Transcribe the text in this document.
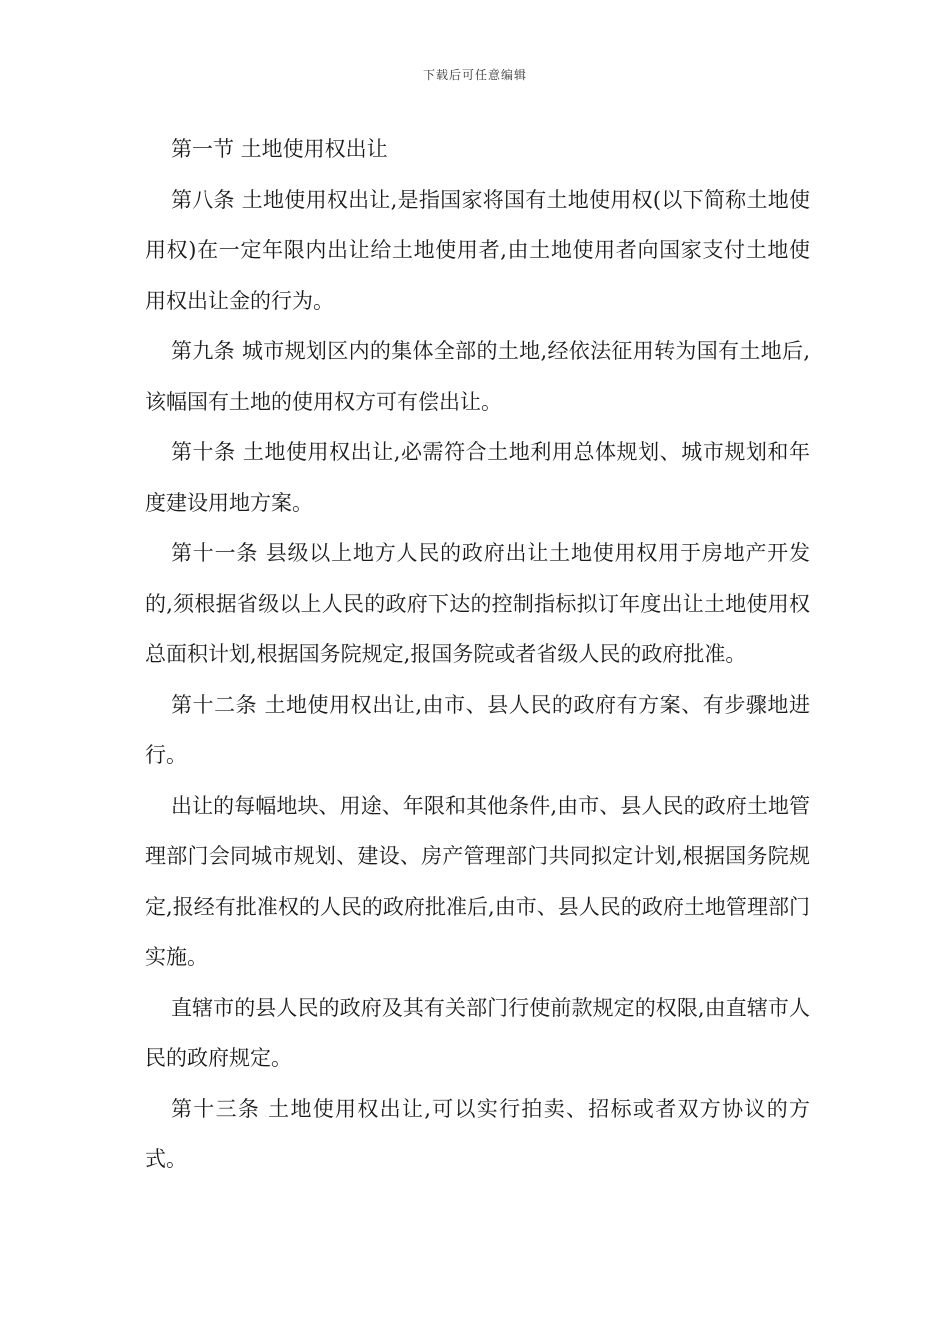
下载后可任意编辑

第一节 土地使用权出让

第八条 土地使用权出让,是指国家将国有土地使用权(以下简称土地使用权)在一定年限内出让给土地使用者,由土地使用者向国家支付土地使用权出让金的行为。

第九条 城市规划区内的集体全部的土地,经依法征用转为国有土地后,该幅国有土地的使用权方可有偿出让。

第十条 土地使用权出让,必需符合土地利用总体规划、城市规划和年度建设用地方案。

第十一条 县级以上地方人民的政府出让土地使用权用于房地产开发的,须根据省级以上人民的政府下达的控制指标拟订年度出让土地使用权总面积计划,根据国务院规定,报国务院或者省级人民的政府批准。

第十二条 土地使用权出让,由市、县人民的政府有方案、有步骤地进行。

出让的每幅地块、用途、年限和其他条件,由市、县人民的政府土地管理部门会同城市规划、建设、房产管理部门共同拟定计划,根据国务院规定,报经有批准权的人民的政府批准后,由市、县人民的政府土地管理部门实施。

直辖市的县人民的政府及其有关部门行使前款规定的权限,由直辖市人民的政府规定。

第十三条 土地使用权出让,可以实行拍卖、招标或者双方协议的方式。
